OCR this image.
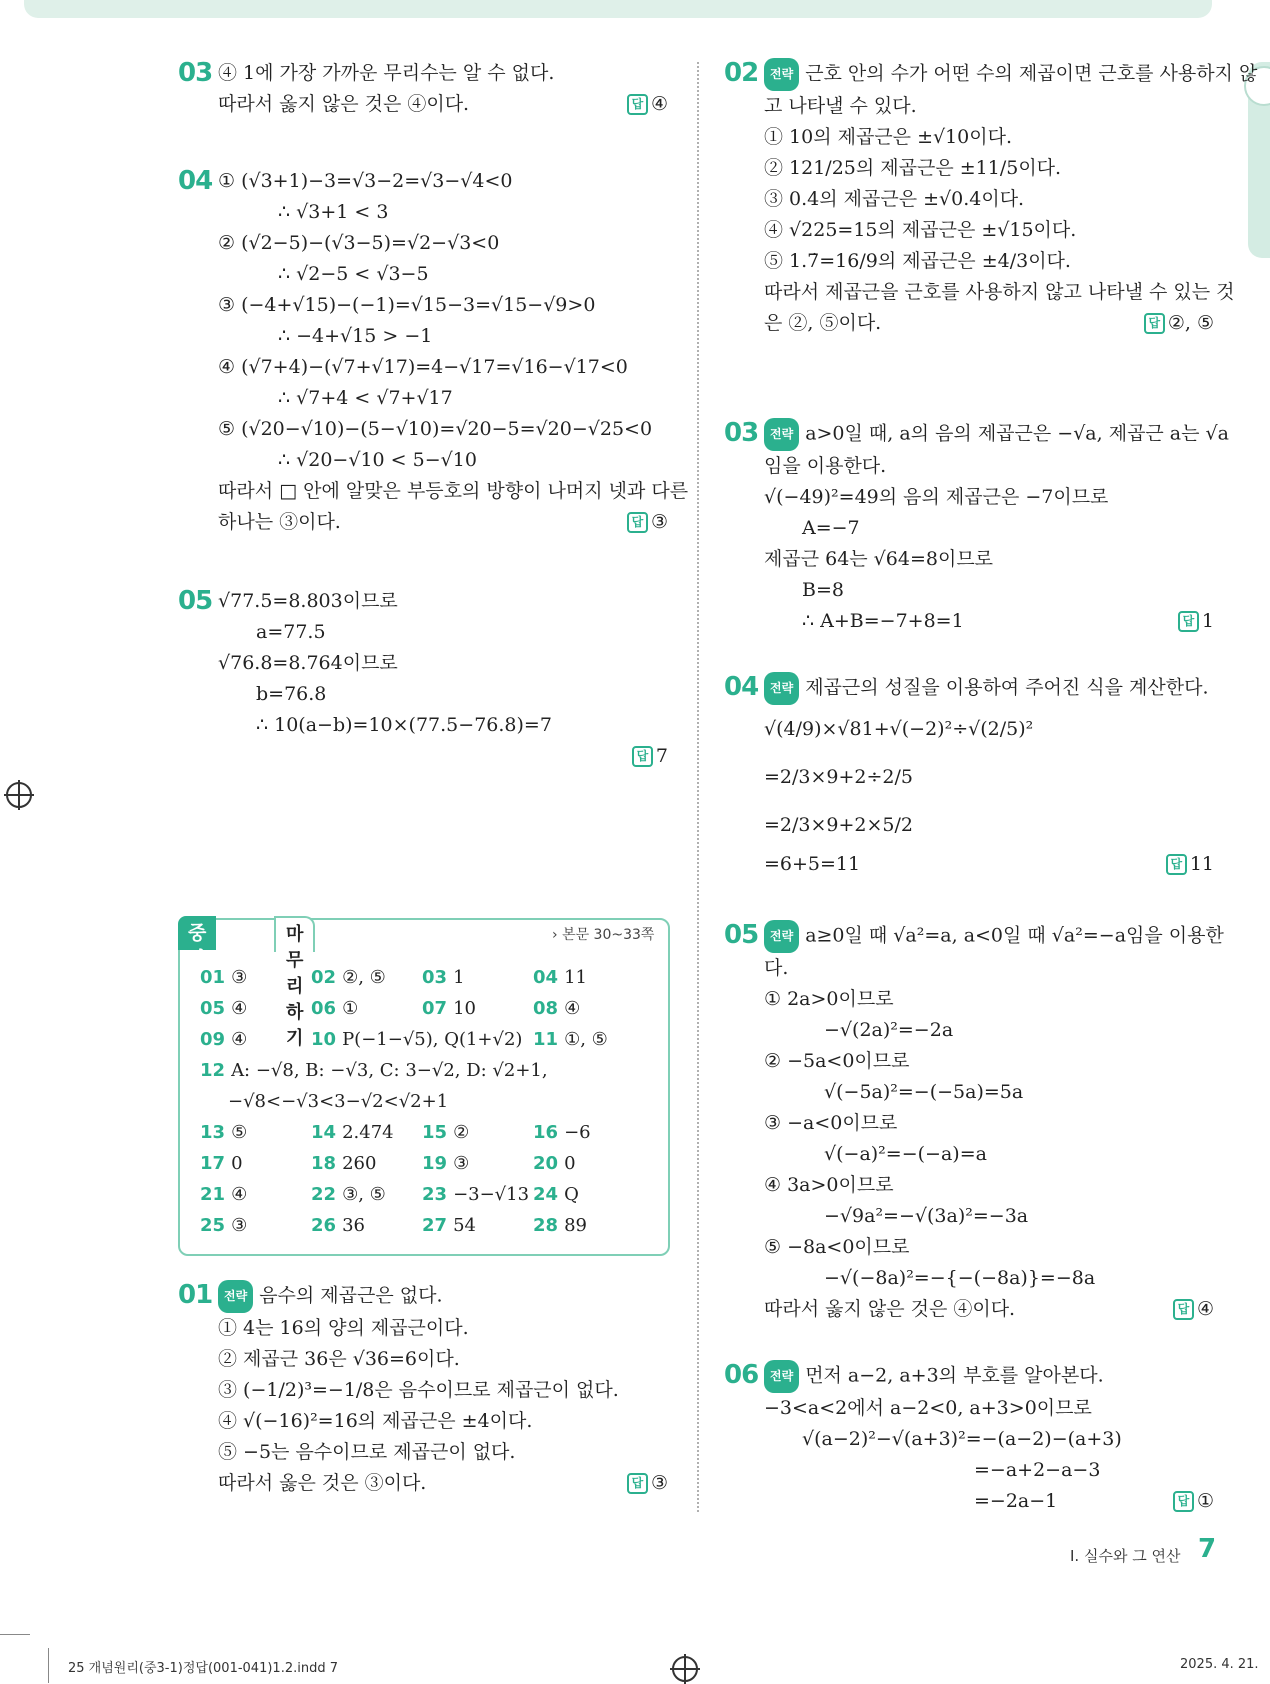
03 ④ 1에 가장 가까운 무리수는 알 수 없다.
따라서 옳지 않은 것은 ④이다.	답 ④
04 ① (√3+1)−3=√3−2=√3−√4<0
∴ √3+1 < 3
② (√2−5)−(√3−5)=√2−√3<0
∴ √2−5 < √3−5
③ (−4+√15)−(−1)=√15−3=√15−√9>0
∴ −4+√15 > −1
④ (√7+4)−(√7+√17)=4−√17=√16−√17<0
∴ √7+4 < √7+√17
⑤ (√20−√10)−(5−√10)=√20−5=√20−√25<0
∴ √20−√10 < 5−√10
따라서 □ 안에 알맞은 부등호의 방향이 나머지 넷과 다른
하나는 ③이다.	답 ③
05 √77.5=8.803이므로
a=77.5
√76.8=8.764이므로
b=76.8
∴ 10(a−b)=10×(77.5−76.8)=7
답 7
중단원
마무리하기
› 본문 30~33쪽
01 ③	02 ②, ⑤	03 1	04 11
05 ④	06 ①	07 10	08 ④
09 ④	10 P(−1−√5), Q(1+√2) 11 ①, ⑤
12 A: −√8, B: −√3, C: 3−√2, D: √2+1,
−√8<−√3<3−√2<√2+1
13 ⑤	14 2.474	15 ②	16 −6
17 0	18 260	19 ③	20 0
21 ④	22 ③, ⑤	23 −3−√13 24 Q
25 ③	26 36	27 54	28 89
01 전략 음수의 제곱근은 없다.
① 4는 16의 양의 제곱근이다.
② 제곱근 36은 √36=6이다.
③ (−1/2)³=−1/8은 음수이므로 제곱근이 없다.
④ √(−16)²=16의 제곱근은 ±4이다.
⑤ −5는 음수이므로 제곱근이 없다.
따라서 옳은 것은 ③이다.	답 ③
02 전략 근호 안의 수가 어떤 수의 제곱이면 근호를 사용하지 않
고 나타낼 수 있다.
① 10의 제곱근은 ±√10이다.
② 121/25의 제곱근은 ±11/5이다.
③ 0.4의 제곱근은 ±√0.4이다.
④ √225=15의 제곱근은 ±√15이다.
⑤ 1.7̇=16/9의 제곱근은 ±4/3이다.
따라서 제곱근을 근호를 사용하지 않고 나타낼 수 있는 것
은 ②, ⑤이다.	답 ②, ⑤
03 전략 a>0일 때, a의 음의 제곱근은 −√a, 제곱근 a는 √a
임을 이용한다.
√(−49)²=49의 음의 제곱근은 −7이므로
A=−7
제곱근 64는 √64=8이므로
B=8
∴ A+B=−7+8=1	답 1
04 전략 제곱근의 성질을 이용하여 주어진 식을 계산한다.
√(4/9)×√81+√(−2)²÷√(2/5)²
=2/3×9+2÷2/5
=2/3×9+2×5/2
=6+5=11	답 11
05 전략 a≥0일 때 √a²=a, a<0일 때 √a²=−a임을 이용한
다.
① 2a>0이므로
−√(2a)²=−2a
② −5a<0이므로
√(−5a)²=−(−5a)=5a
③ −a<0이므로
√(−a)²=−(−a)=a
④ 3a>0이므로
−√9a²=−√(3a)²=−3a
⑤ −8a<0이므로
−√(−8a)²=−{−(−8a)}=−8a
따라서 옳지 않은 것은 ④이다.	답 ④
06 전략 먼저 a−2, a+3의 부호를 알아본다.
−3<a<2에서 a−2<0, a+3>0이므로
√(a−2)²−√(a+3)²=−(a−2)−(a+3)
=−a+2−a−3
=−2a−1	답 ①
Ⅰ. 실수와 그 연산 7
25 개념원리(중3-1)정답(001-041)1.2.indd 7	2025. 4. 21.
